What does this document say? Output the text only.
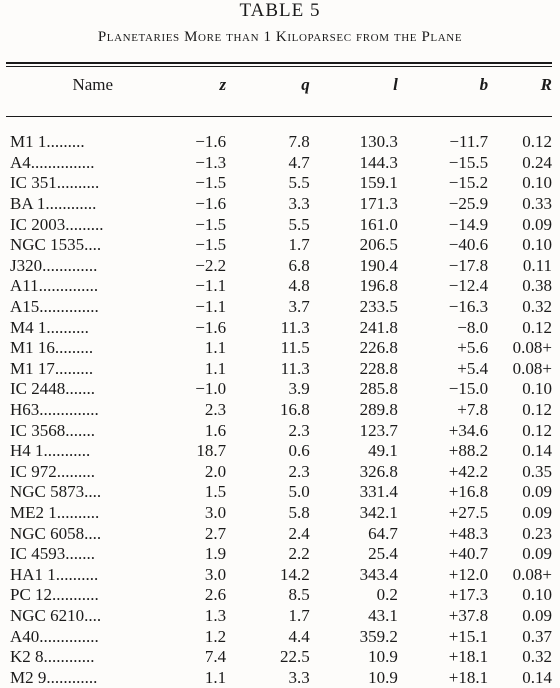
TABLE 5
Planetaries More than 1 Kiloparsec from the Plane
Name	z	q	l	b	R
M1 1.........	−1.6	7.8	130.3	−11.7	0.12
A4...............	−1.3	4.7	144.3	−15.5	0.24
IC 351..........	−1.5	5.5	159.1	−15.2	0.10
BA 1............	−1.6	3.3	171.3	−25.9	0.33
IC 2003.........	−1.5	5.5	161.0	−14.9	0.09
NGC 1535....	−1.5	1.7	206.5	−40.6	0.10
J320.............	−2.2	6.8	190.4	−17.8	0.11
A11..............	−1.1	4.8	196.8	−12.4	0.38
A15..............	−1.1	3.7	233.5	−16.3	0.32
M4 1..........	−1.6	11.3	241.8	−8.0	0.12
M1 16.........	1.1	11.5	226.8	+5.6	0.08+
M1 17.........	1.1	11.3	228.8	+5.4	0.08+
IC 2448.......	−1.0	3.9	285.8	−15.0	0.10
H63..............	2.3	16.8	289.8	+7.8	0.12
IC 3568.......	1.6	2.3	123.7	+34.6	0.12
H4 1...........	18.7	0.6	49.1	+88.2	0.14
IC 972.........	2.0	2.3	326.8	+42.2	0.35
NGC 5873....	1.5	5.0	331.4	+16.8	0.09
ME2 1..........	3.0	5.8	342.1	+27.5	0.09
NGC 6058....	2.7	2.4	64.7	+48.3	0.23
IC 4593.......	1.9	2.2	25.4	+40.7	0.09
HA1 1..........	3.0	14.2	343.4	+12.0	0.08+
PC 12...........	2.6	8.5	0.2	+17.3	0.10
NGC 6210....	1.3	1.7	43.1	+37.8	0.09
A40..............	1.2	4.4	359.2	+15.1	0.37
K2 8............	7.4	22.5	10.9	+18.1	0.32
M2 9............	1.1	3.3	10.9	+18.1	0.14
